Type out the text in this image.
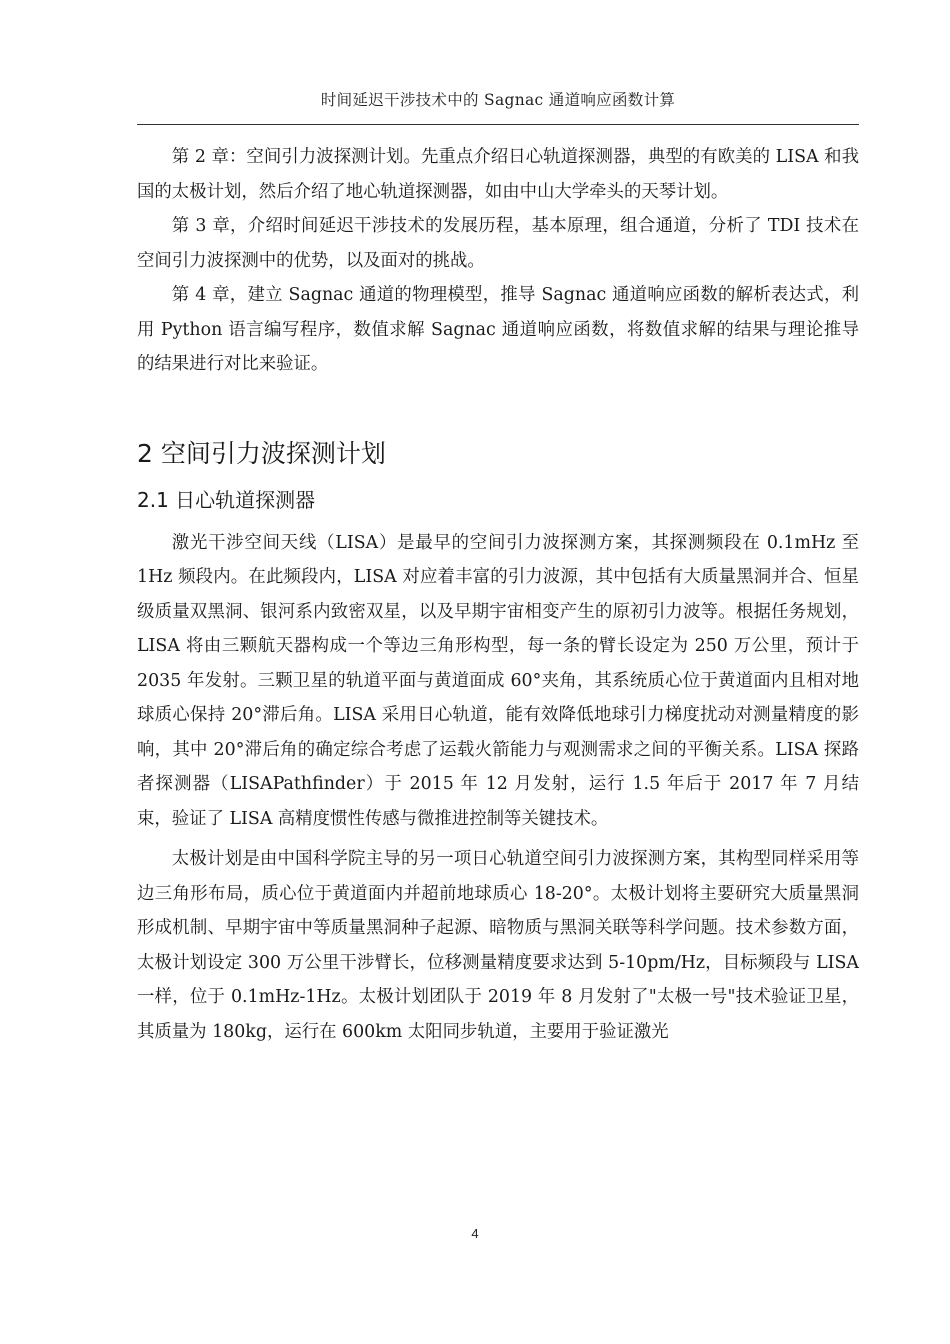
时间延迟干涉技术中的 Sagnac 通道响应函数计算

第 2 章：空间引力波探测计划。先重点介绍日心轨道探测器，典型的有欧美的 LISA 和我国的太极计划，然后介绍了地心轨道探测器，如由中山大学牵头的天琴计划。

第 3 章，介绍时间延迟干涉技术的发展历程，基本原理，组合通道，分析了 TDI 技术在空间引力波探测中的优势，以及面对的挑战。

第 4 章，建立 Sagnac 通道的物理模型，推导 Sagnac 通道响应函数的解析表达式，利用 Python 语言编写程序，数值求解 Sagnac 通道响应函数，将数值求解的结果与理论推导的结果进行对比来验证。

2 空间引力波探测计划
2.1 日心轨道探测器

激光干涉空间天线（LISA）是最早的空间引力波探测方案，其探测频段在 0.1mHz 至 1Hz 频段内。在此频段内，LISA 对应着丰富的引力波源，其中包括有大质量黑洞并合、恒星级质量双黑洞、银河系内致密双星，以及早期宇宙相变产生的原初引力波等。根据任务规划，LISA 将由三颗航天器构成一个等边三角形构型，每一条的臂长设定为 250 万公里，预计于 2035 年发射。三颗卫星的轨道平面与黄道面成 60°夹角，其系统质心位于黄道面内且相对地球质心保持 20°滞后角。LISA 采用日心轨道，能有效降低地球引力梯度扰动对测量精度的影响，其中 20°滞后角的确定综合考虑了运载火箭能力与观测需求之间的平衡关系。LISA 探路者探测器（LISAPathfinder）于 2015 年 12 月发射，运行 1.5 年后于 2017 年 7 月结束，验证了 LISA 高精度惯性传感与微推进控制等关键技术。

太极计划是由中国科学院主导的另一项日心轨道空间引力波探测方案，其构型同样采用等边三角形布局，质心位于黄道面内并超前地球质心 18-20°。太极计划将主要研究大质量黑洞形成机制、早期宇宙中等质量黑洞种子起源、暗物质与黑洞关联等科学问题。技术参数方面，太极计划设定 300 万公里干涉臂长，位移测量精度要求达到 5-10pm/Hz，目标频段与 LISA 一样，位于 0.1mHz-1Hz。太极计划团队于 2019 年 8 月发射了"太极一号"技术验证卫星，其质量为 180kg，运行在 600km 太阳同步轨道，主要用于验证激光

4
